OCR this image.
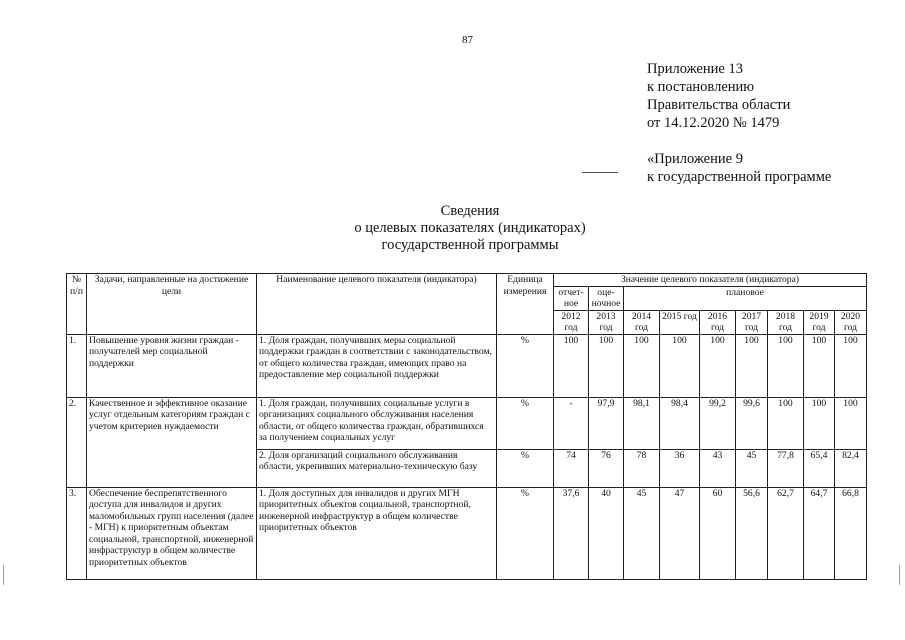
87
Приложение 13
к постановлению
Правительства области
от 14.12.2020 № 1479
«Приложение 9
к государственной программе
Сведения
о целевых показателях (индикаторах)
государственной программы
№ п/п	Задачи, направленные на достижение цели	Наименование целевого показателя (индикатора)	Единица измерения	Значение целевого показателя (индикатора)								
				отчет-ное	оце-ночное	плановое						
				2012 год	2013 год	2014 год	2015 год	2016 год	2017 год	2018 год	2019 год	2020 год
1.	Повышение уровня жизни граждан - получателей мер социальной поддержки	1. Доля граждан, получивших меры социальной поддержки граждан в соответствии с законодательством, от общего количества граждан, имеющих право на предоставление мер социальной поддержки	%	100	100	100	100	100	100	100	100	100
2.	Качественное и эффективное оказание услуг отдельным категориям граждан с учетом критериев нуждаемости	1. Доля граждан, получивших социальные услуги в организациях социального обслуживания населения области, от общего количества граждан, обратившихся за получением социальных услуг	%	-	97,9	98,1	98,4	99,2	99,6	100	100	100
		2. Доля организаций социального обслуживания области, укрепивших материально-техническую базу	%	74	76	78	36	43	45	77,8	65,4	82,4
3.	Обеспечение беспрепятственного доступа для инвалидов и других маломобильных групп населения (далее - МГН) к приоритетным объектам социальной, транспортной, инженерной инфраструктур в общем количестве приоритетных объектов	1. Доля доступных для инвалидов и других МГН приоритетных объектов социальной, транспортной, инженерной инфраструктур в общем количестве приоритетных объектов	%	37,6	40	45	47	60	56,6	62,7	64,7	66,8
